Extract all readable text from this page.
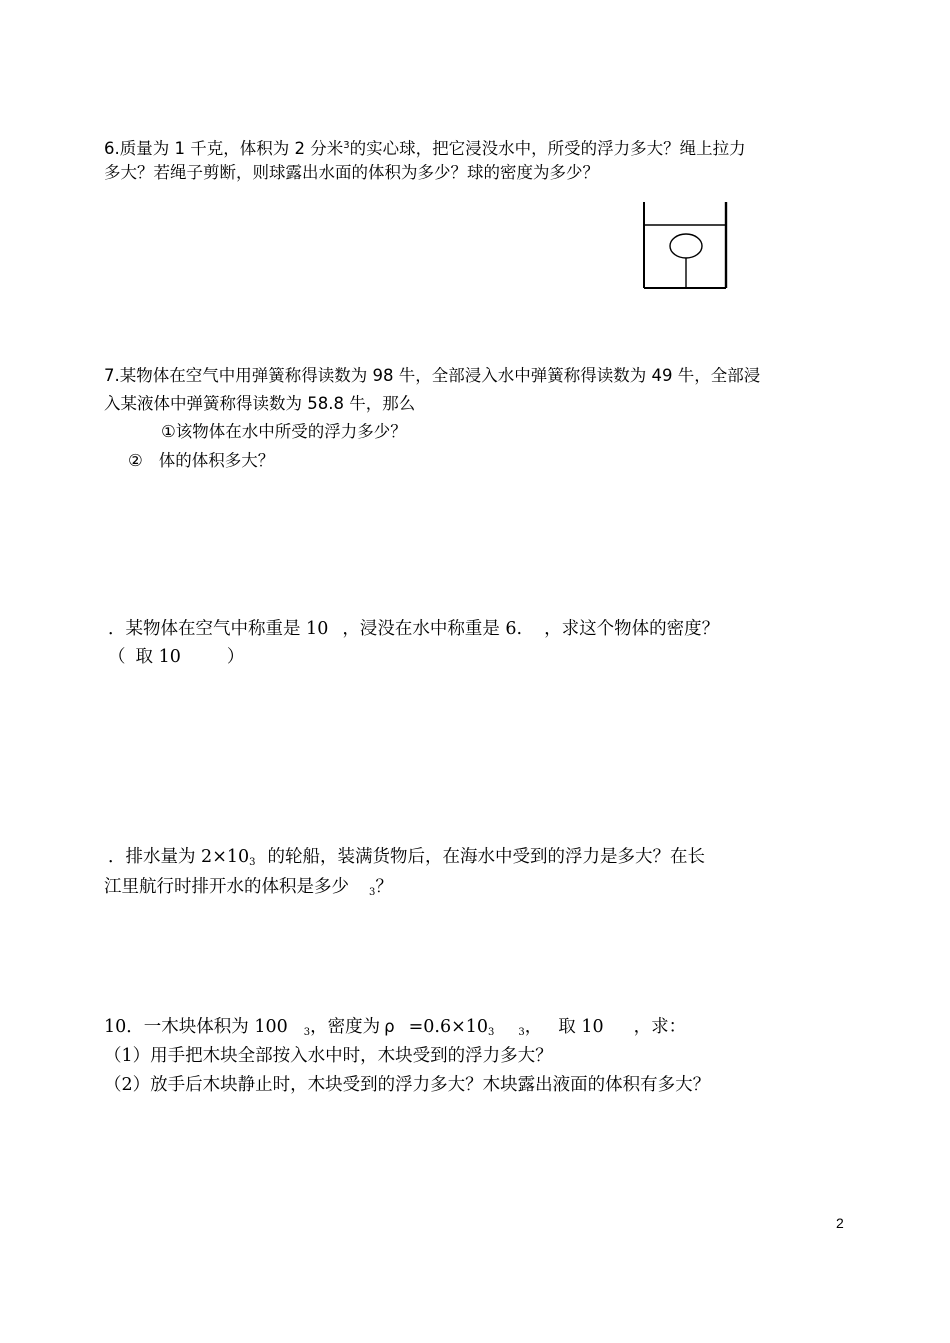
6.质量为 1 千克，体积为 2 分米$^3$的实心球，把它浸没水中，所受的浮力多大？绳上拉力
多大？若绳子剪断，则球露出水面的体积为多少？球的密度为多少？
7.某物体在空气中用弹簧称得读数为 98 牛，全部浸入水中弹簧称得读数为 49 牛，全部浸
入某液体中弹簧称得读数为 58.8 牛，那么
①该物体在水中所受的浮力多少？
② 体的体积多大？
．某物体在空气中称重是 10 ，浸没在水中称重是 6. ，求这个物体的密度？
（ 取 10	）
．排水量为 $2\times 10_3$ 的轮船，装满货物后，在海水中受到的浮力是多大？在长
江里航行时排开水的体积是多少 $_3$？
10．一木块体积为 100 $_3$，密度为 $\rho =0.6\times 10_3$ $_3$， 取 10 ，求：
（1）用手把木块全部按入水中时，木块受到的浮力多大？
（2）放手后木块静止时，木块受到的浮力多大？木块露出液面的体积有多大？
2
